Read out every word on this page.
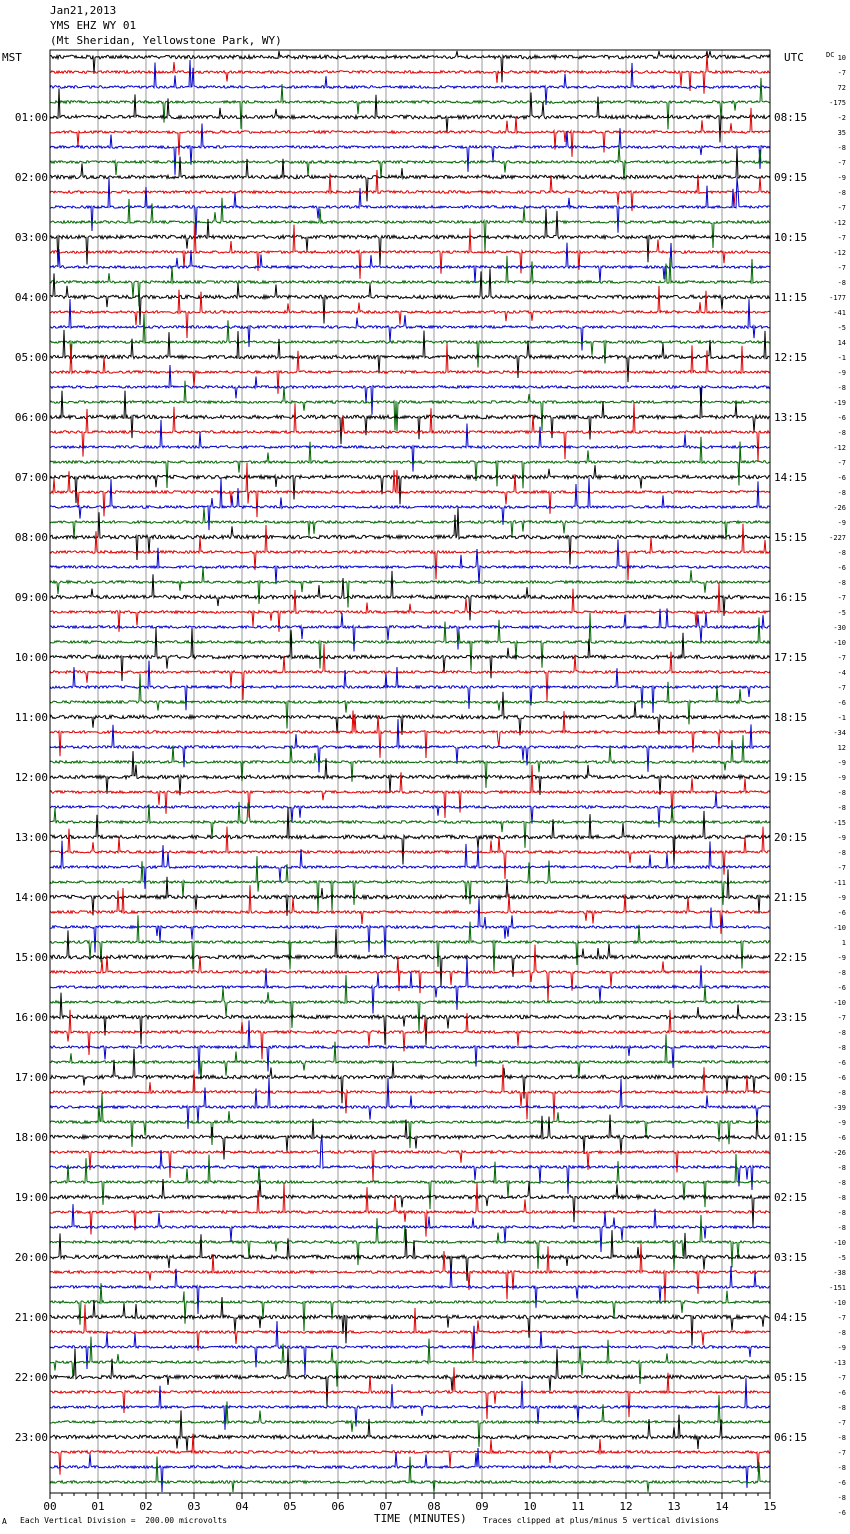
Jan21,2013
YMS EHZ WY 01
(Mt Sheridan, Yellowstone Park, WY)
MST	UTC
00	01	02	03	04	05	06	07	08	09	10	11	12	13	14	15
01:00
02:00
03:00
04:00
05:00
06:00
07:00
08:00
09:00
10:00
11:00
12:00
13:00
14:00
15:00
16:00
17:00
18:00
19:00
20:00
21:00
22:00
23:00
08:15
09:15
10:15
11:15
12:15
13:15
14:15
15:15
16:15
17:15
18:15
19:15
20:15
21:15
22:15
23:15
00:15
01:15
02:15
03:15
04:15
05:15
06:15
DC 10
-7
72
-175
-2
35
-8
-7
-9
-8
-7
-12
-7
-12
-7
-8
-177
-41
-5
14
-1
-9
-8
-19
-6
-8
-12
-7
-6
-8
-26
-9
-227
-8
-6
-8
-7
-5
-30
-10
-7
-4
-7
-6
-1
-34
12
-9
-9
-8
-8
-15
-9
-8
-7
-11
-9
-6
-10
1
-9
-8
-6
-10
-7
-8
-8
-6
-6
-8
-39
-9
-6
-26
-8
-8
-8
-8
-8
-10
-5
-38
-151
-10
-7
-8
-9
-13
-7
-6
-8
-7
-8
-7
-8
-6
-8
-6
TIME (MINUTES)
A Each Vertical Division =  200.00 microvolts	Traces clipped at plus/minus 5 vertical divisions
